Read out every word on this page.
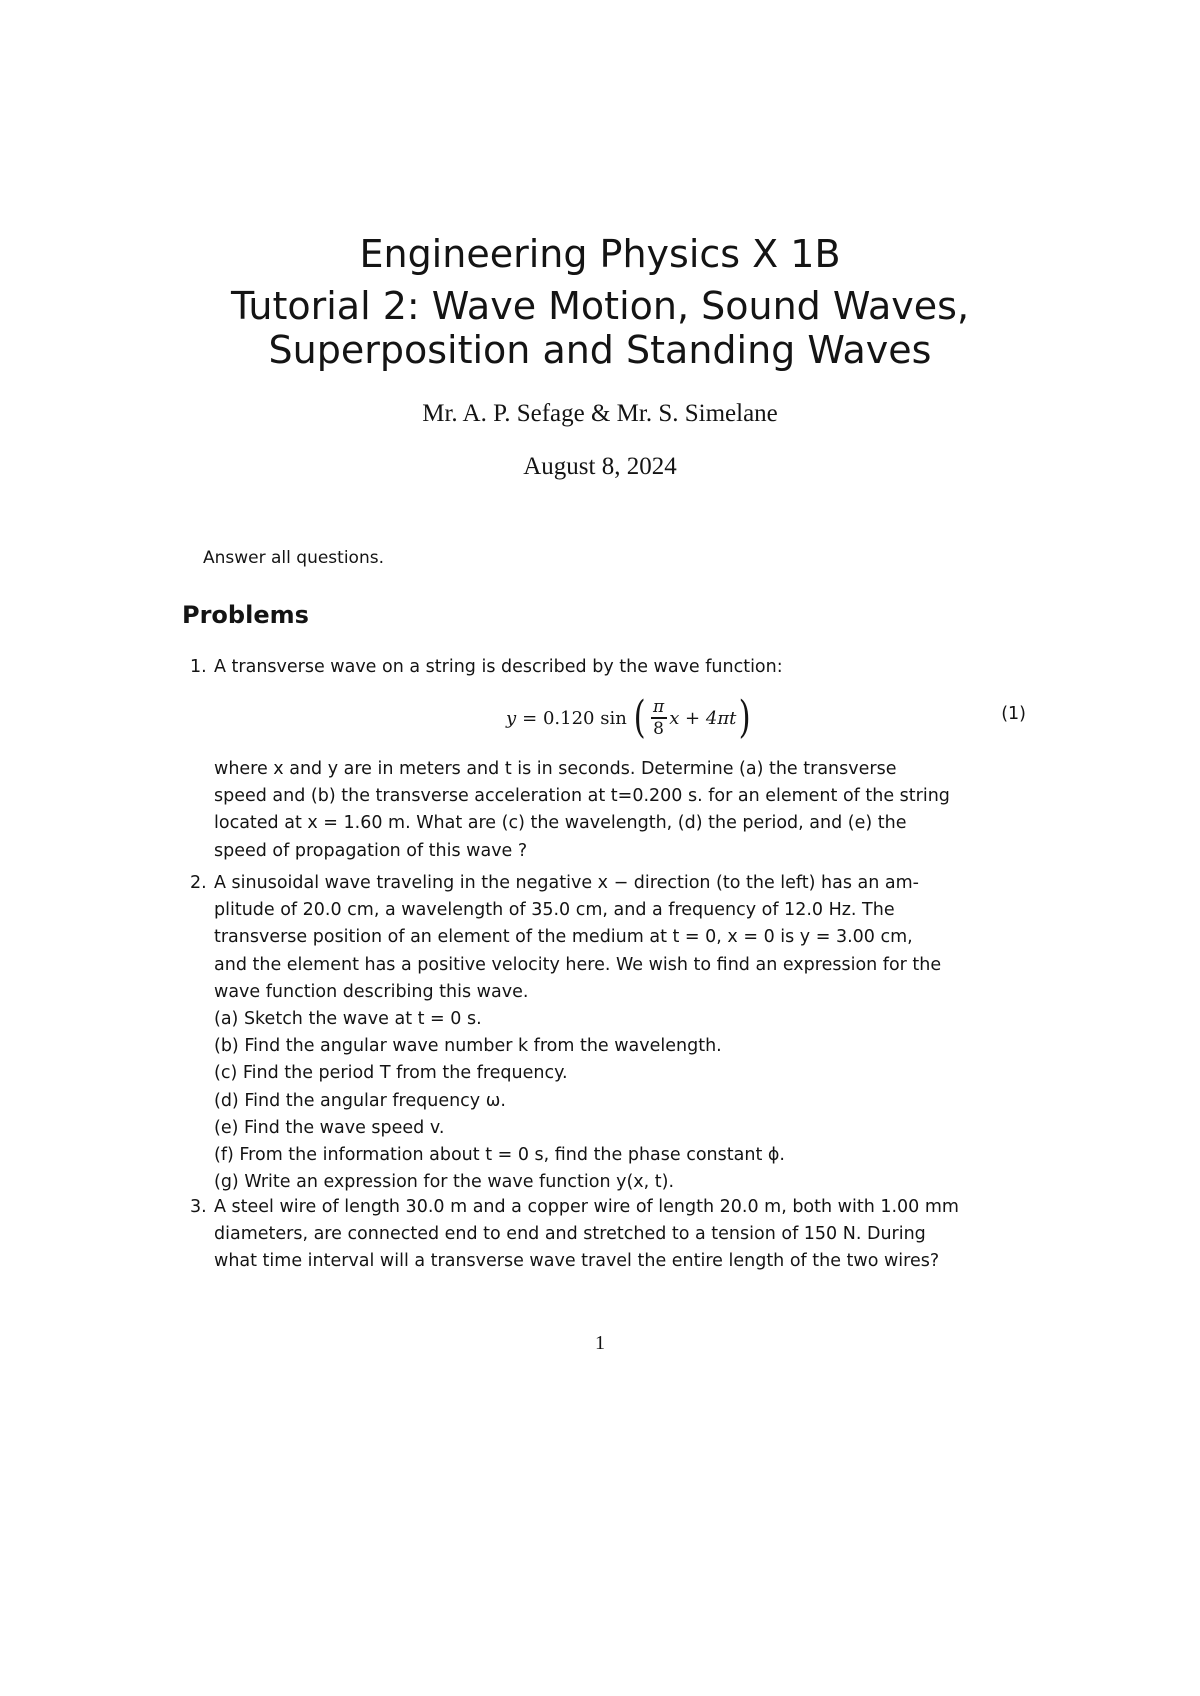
Engineering Physics X 1B
Tutorial 2: Wave Motion, Sound Waves,
Superposition and Standing Waves
Mr. A. P. Sefage & Mr. S. Simelane
August 8, 2024
Answer all questions.
Problems
1. A transverse wave on a string is described by the wave function:
y = 0.120 sin ( $\frac{\pi}{8}$ x + 4πt )	(1)
where x and y are in meters and t is in seconds. Determine (a) the transverse
speed and (b) the transverse acceleration at t=0.200 s. for an element of the string
located at x = 1.60 m. What are (c) the wavelength, (d) the period, and (e) the
speed of propagation of this wave ?
2. A sinusoidal wave traveling in the negative x − direction (to the left) has an am-
plitude of 20.0 cm, a wavelength of 35.0 cm, and a frequency of 12.0 Hz. The
transverse position of an element of the medium at t = 0, x = 0 is y = 3.00 cm,
and the element has a positive velocity here. We wish to find an expression for the
wave function describing this wave.
(a) Sketch the wave at t = 0 s.
(b) Find the angular wave number k from the wavelength.
(c) Find the period T from the frequency.
(d) Find the angular frequency ω.
(e) Find the wave speed v.
(f) From the information about t = 0 s, find the phase constant ϕ.
(g) Write an expression for the wave function y(x, t).
3. A steel wire of length 30.0 m and a copper wire of length 20.0 m, both with 1.00 mm
diameters, are connected end to end and stretched to a tension of 150 N. During
what time interval will a transverse wave travel the entire length of the two wires?
1
